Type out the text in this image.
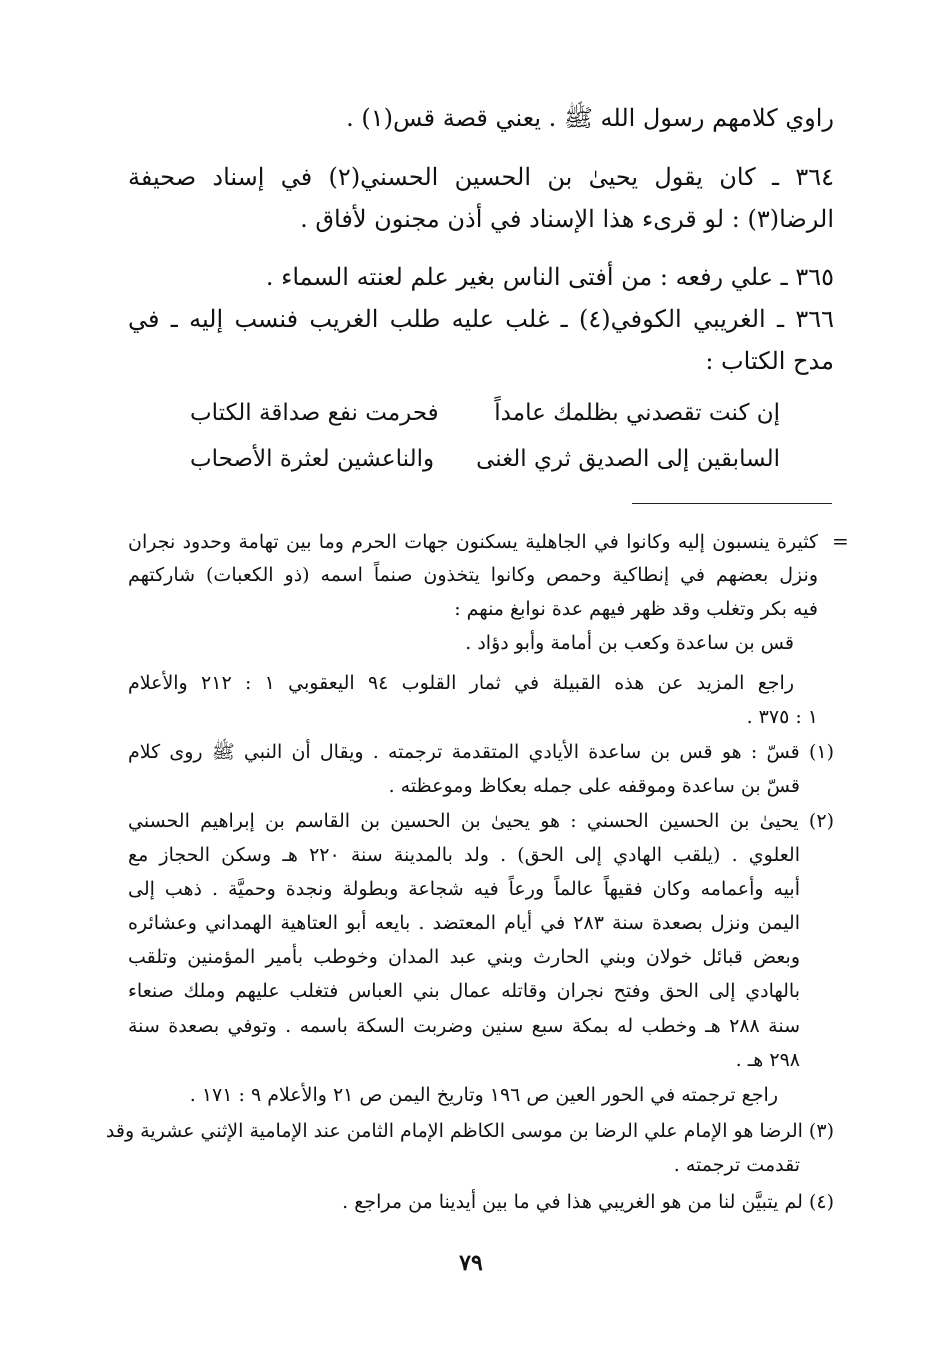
راوي كلامهم رسول الله ﷺ . يعني قصة قس(١) .
٣٦٤ ـ كان يقول يحيىٰ بن الحسين الحسني(٢) في إسناد صحيفة
الرضا(٣) : لو قرىء هذا الإسناد في أذن مجنون لأفاق .
٣٦٥ ـ علي رفعه : من أفتى الناس بغير علم لعنته السماء .
٣٦٦ ـ الغريبي الكوفي(٤) ـ غلب عليه طلب الغريب فنسب إليه ـ في
مدح الكتاب :
إن كنت تقصدني بظلمك عامداً
فحرمت نفع صداقة الكتاب
السابقين إلى الصديق ثري الغنى
والناعشين لعثرة الأصحاب
=
كثيرة ينسبون إليه وكانوا في الجاهلية يسكنون جهات الحرم وما بين تهامة وحدود نجران
ونزل بعضهم في إنطاكية وحمص وكانوا يتخذون صنماً اسمه (ذو الكعبات) شاركتهم
فيه بكر وتغلب وقد ظهر فيهم عدة نوابغ منهم :
قس بن ساعدة وكعب بن أمامة وأبو دؤاد .
راجع المزيد عن هذه القبيلة في ثمار القلوب ٩٤ اليعقوبي ١ : ٢١٢ والأعلام
١ : ٣٧٥ .
(١) قسّ : هو قس بن ساعدة الأيادي المتقدمة ترجمته . ويقال أن النبي ﷺ روى كلام
قسّ بن ساعدة وموقفه على جمله بعكاظ وموعظته .
(٢) يحيىٰ بن الحسين الحسني : هو يحيىٰ بن الحسين بن القاسم بن إبراهيم الحسني
العلوي . (يلقب الهادي إلى الحق) . ولد بالمدينة سنة ٢٢٠ هـ وسكن الحجاز مع
أبيه وأعمامه وكان فقيهاً عالماً ورعاً فيه شجاعة وبطولة ونجدة وحميَّة . ذهب إلى
اليمن ونزل بصعدة سنة ٢٨٣ في أيام المعتضد . بايعه أبو العتاهية الهمداني وعشائره
وبعض قبائل خولان وبني الحارث وبني عبد المدان وخوطب بأمير المؤمنين وتلقب
بالهادي إلى الحق وفتح نجران وقاتله عمال بني العباس فتغلب عليهم وملك صنعاء
سنة ٢٨٨ هـ وخطب له بمكة سبع سنين وضربت السكة باسمه . وتوفي بصعدة سنة
٢٩٨ هـ .
راجع ترجمته في الحور العين ص ١٩٦ وتاريخ اليمن ص ٢١ والأعلام ٩ : ١٧١ .
(٣) الرضا هو الإمام علي الرضا بن موسى الكاظم الإمام الثامن عند الإمامية الإثني عشرية وقد
تقدمت ترجمته .
(٤) لم يتبيَّن لنا من هو الغريبي هذا في ما بين أيدينا من مراجع .
٧٩
